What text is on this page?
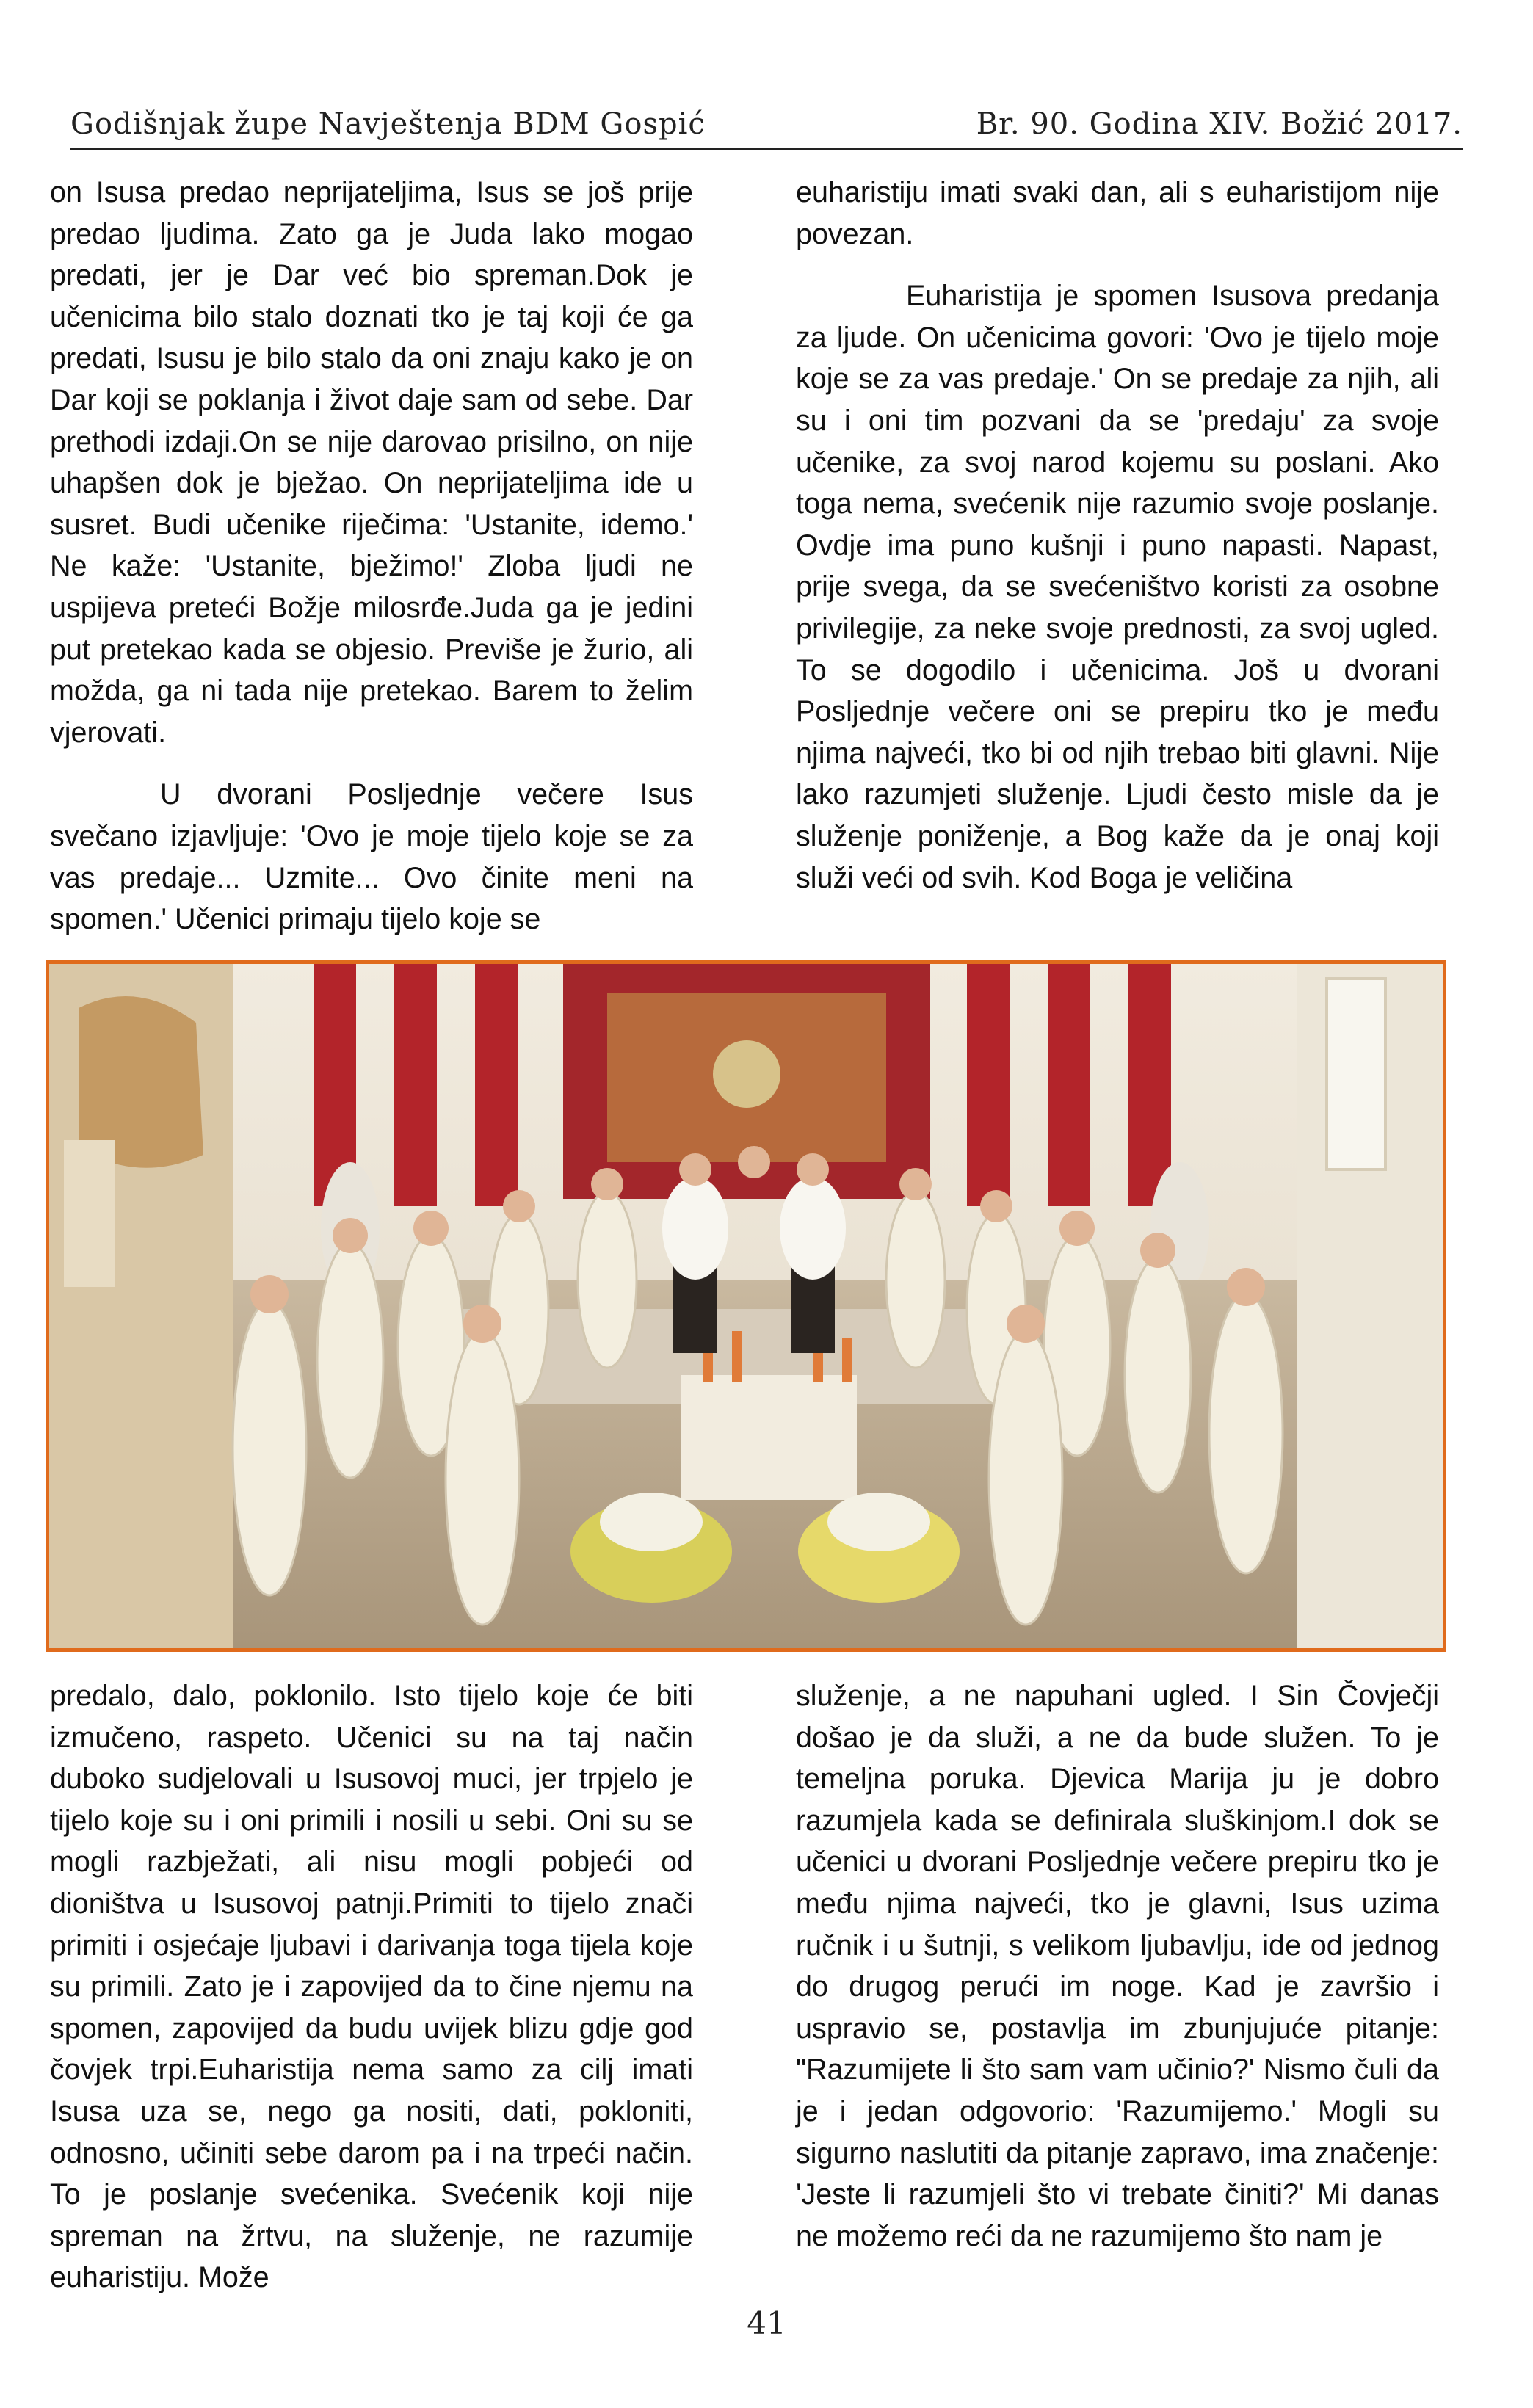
Godišnjak župe Navještenja BDM Gospić	Br. 90. Godina XIV. Božić 2017.

on Isusa predao neprijateljima, Isus se još prije predao ljudima. Zato ga je Juda lako mogao predati, jer je Dar već bio spreman.Dok je učenicima bilo stalo doznati tko je taj koji će ga predati, Isusu je bilo stalo da oni znaju kako je on Dar koji se poklanja i život daje sam od sebe. Dar prethodi izdaji.On se nije darovao prisilno, on nije uhapšen dok je bježao. On neprijateljima ide u susret. Budi učenike riječima: 'Ustanite, idemo.' Ne kaže: 'Ustanite, bježimo!' Zloba ljudi ne uspijeva preteći Božje milosrđe.Juda ga je jedini put pretekao kada se objesio. Previše je žurio, ali možda, ga ni tada nije pretekao. Barem to želim vjerovati.

U dvorani Posljednje večere Isus svečano izjavljuje: 'Ovo je moje tijelo koje se za vas predaje... Uzmite... Ovo činite meni na spomen.' Učenici primaju tijelo koje se

euharistiju imati svaki dan, ali s euharistijom nije povezan.

Euharistija je spomen Isusova predanja za ljude. On učenicima govori: 'Ovo je tijelo moje koje se za vas predaje.' On se predaje za njih, ali su i oni tim pozvani da se 'predaju' za svoje učenike, za svoj narod kojemu su poslani. Ako toga nema, svećenik nije razumio svoje poslanje. Ovdje ima puno kušnji i puno napasti. Napast, prije svega, da se svećeništvo koristi za osobne privilegije, za neke svoje prednosti, za svoj ugled. To se dogodilo i učenicima. Još u dvorani Posljednje večere oni se prepiru tko je među njima najveći, tko bi od njih trebao biti glavni. Nije lako razumjeti služenje. Ljudi često misle da je služenje poniženje, a Bog kaže da je onaj koji služi veći od svih. Kod Boga je veličina

predalo, dalo, poklonilo. Isto tijelo koje će biti izmučeno, raspeto. Učenici su na taj način duboko sudjelovali u Isusovoj muci, jer trpjelo je tijelo koje su i oni primili i nosili u sebi. Oni su se mogli razbježati, ali nisu mogli pobjeći od dioništva u Isusovoj patnji.Primiti to tijelo znači primiti i osjećaje ljubavi i darivanja toga tijela koje su primili. Zato je i zapovijed da to čine njemu na spomen, zapovijed da budu uvijek blizu gdje god čovjek trpi.Euharistija nema samo za cilj imati Isusa uza se, nego ga nositi, dati, pokloniti, odnosno, učiniti sebe darom pa i na trpeći način. To je poslanje svećenika. Svećenik koji nije spreman na žrtvu, na služenje, ne razumije euharistiju. Može

služenje, a ne napuhani ugled. I Sin Čovječji došao je da služi, a ne da bude služen. To je temeljna poruka. Djevica Marija ju je dobro razumjela kada se definirala sluškinjom.I dok se učenici u dvorani Posljednje večere prepiru tko je među njima najveći, tko je glavni, Isus uzima ručnik i u šutnji, s velikom ljubavlju, ide od jednog do drugog perući im noge. Kad je završio i uspravio se, postavlja im zbunjujuće pitanje: "Razumijete li što sam vam učinio?' Nismo čuli da je i jedan odgovorio: 'Razumijemo.' Mogli su sigurno naslutiti da pitanje zapravo, ima značenje: 'Jeste li razumjeli što vi trebate činiti?' Mi danas ne možemo reći da ne razumijemo što nam je

41
